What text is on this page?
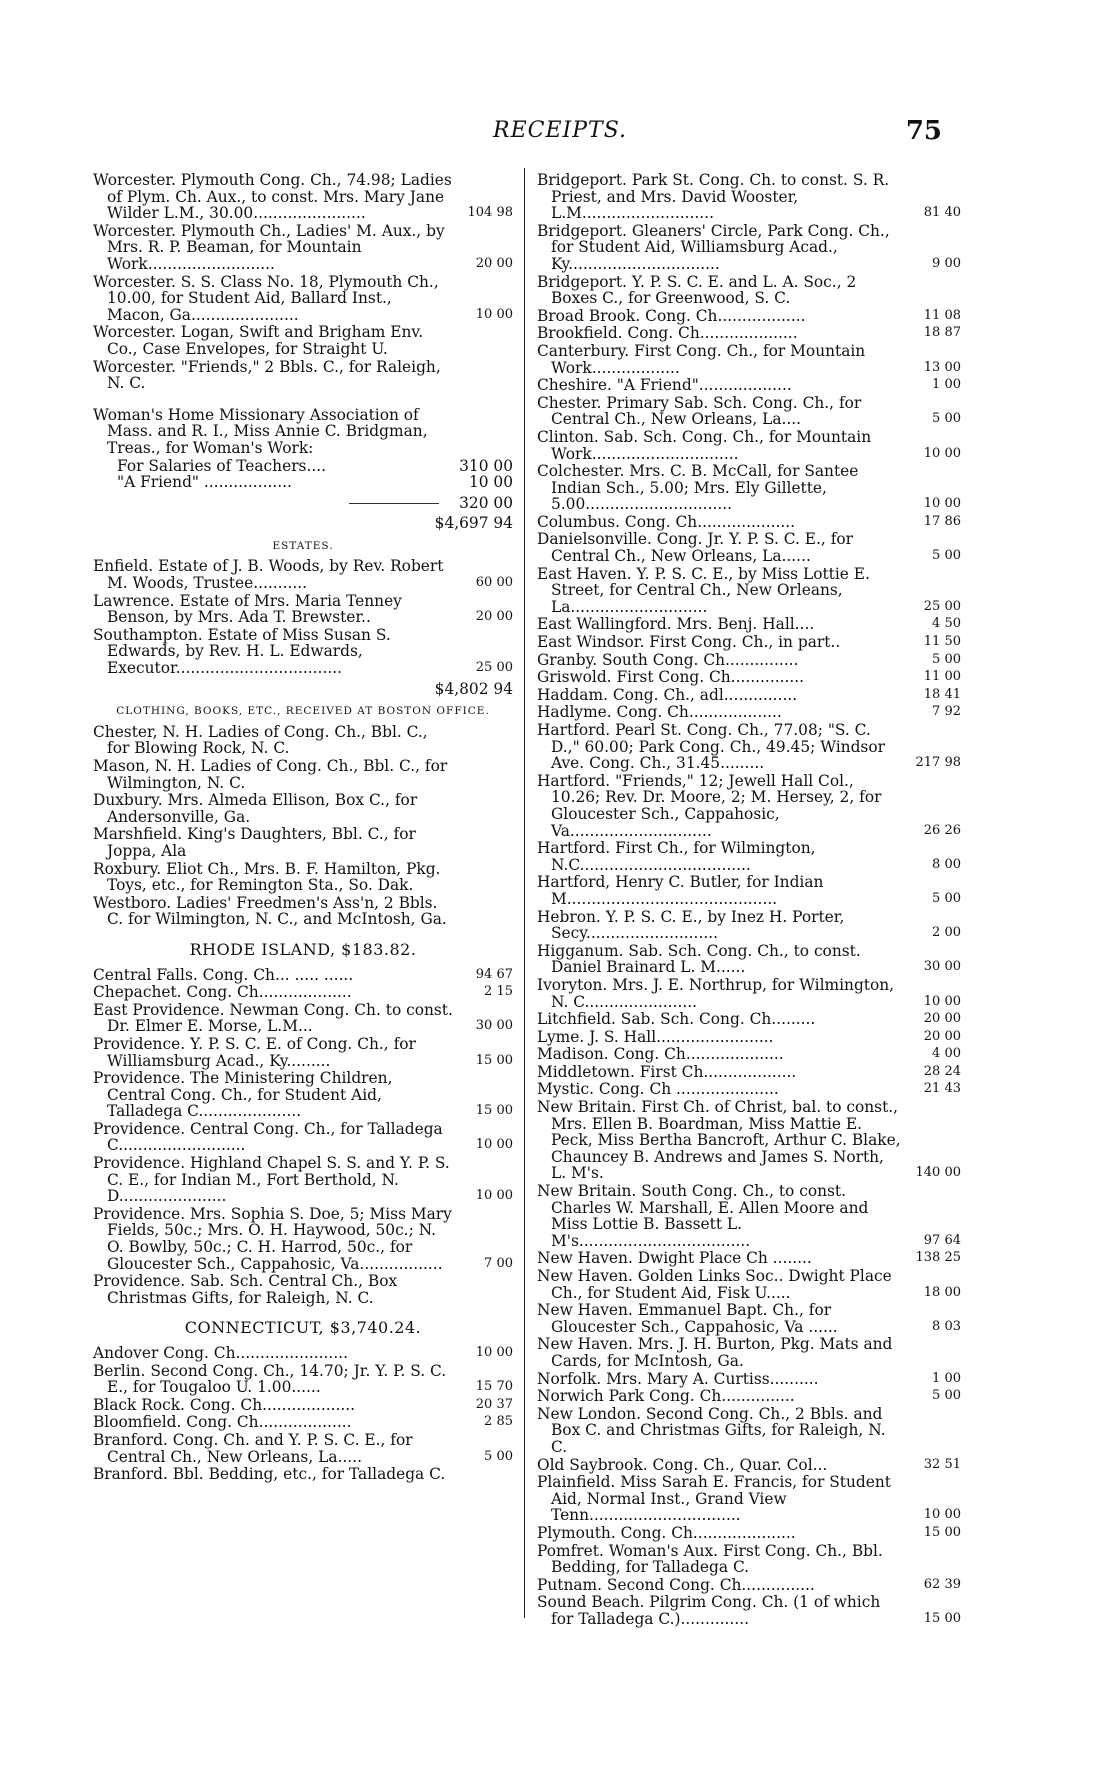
RECEIPTS.	75
Worcester. Plymouth Cong. Ch., 74.98; Ladies of Plym. Ch. Aux., to const. Mrs. Mary Jane Wilder L.M., 30.00.......................	104 98
Worcester. Plymouth Ch., Ladies' M. Aux., by Mrs. R. P. Beaman, for Mountain Work..........................	20 00
Worcester. S. S. Class No. 18, Plymouth Ch., 10.00, for Student Aid, Ballard Inst., Macon, Ga......................	10 00
Worcester. Logan, Swift and Brigham Env. Co., Case Envelopes, for Straight U.
Worcester. "Friends," 2 Bbls. C., for Raleigh, N. C.
Woman's Home Missionary Association of Mass. and R. I., Miss Annie C. Bridgman, Treas., for Woman's Work:
For Salaries of Teachers....	310 00
"A Friend" ..................	10 00
320 00
$4,697 94
ESTATES.
Enfield. Estate of J. B. Woods, by Rev. Robert M. Woods, Trustee...........	60 00
Lawrence. Estate of Mrs. Maria Tenney Benson, by Mrs. Ada T. Brewster..	20 00
Southampton. Estate of Miss Susan S. Edwards, by Rev. H. L. Edwards, Executor..................................	25 00
$4,802 94
CLOTHING, BOOKS, ETC., RECEIVED AT BOSTON OFFICE.
Chester, N. H. Ladies of Cong. Ch., Bbl. C., for Blowing Rock, N. C.
Mason, N. H. Ladies of Cong. Ch., Bbl. C., for Wilmington, N. C.
Duxbury. Mrs. Almeda Ellison, Box C., for Andersonville, Ga.
Marshfield. King's Daughters, Bbl. C., for Joppa, Ala
Roxbury. Eliot Ch., Mrs. B. F. Hamilton, Pkg. Toys, etc., for Remington Sta., So. Dak.
Westboro. Ladies' Freedmen's Ass'n, 2 Bbls. C. for Wilmington, N. C., and McIntosh, Ga.
RHODE ISLAND, $183.82.
Central Falls. Cong. Ch... ..... ......	94 67
Chepachet. Cong. Ch...................	2 15
East Providence. Newman Cong. Ch. to const. Dr. Elmer E. Morse, L.M...	30 00
Providence. Y. P. S. C. E. of Cong. Ch., for Williamsburg Acad., Ky.........	15 00
Providence. The Ministering Children, Central Cong. Ch., for Student Aid, Talladega C.....................	15 00
Providence. Central Cong. Ch., for Talladega C..........................	10 00
Providence. Highland Chapel S. S. and Y. P. S. C. E., for Indian M., Fort Berthold, N. D......................	10 00
Providence. Mrs. Sophia S. Doe, 5; Miss Mary Fields, 50c.; Mrs. O. H. Haywood, 50c.; N. O. Bowlby, 50c.; C. H. Harrod, 50c., for Gloucester Sch., Cappahosic, Va.................	7 00
Providence. Sab. Sch. Central Ch., Box Christmas Gifts, for Raleigh, N. C.
CONNECTICUT, $3,740.24.
Andover Cong. Ch.......................	10 00
Berlin. Second Cong. Ch., 14.70; Jr. Y. P. S. C. E., for Tougaloo U. 1.00......	15 70
Black Rock. Cong. Ch...................	20 37
Bloomfield. Cong. Ch...................	2 85
Branford. Cong. Ch. and Y. P. S. C. E., for Central Ch., New Orleans, La.....	5 00
Branford. Bbl. Bedding, etc., for Talladega C.
Bridgeport. Park St. Cong. Ch. to const. S. R. Priest, and Mrs. David Wooster, L.M...........................	81 40
Bridgeport. Gleaners' Circle, Park Cong. Ch., for Student Aid, Williamsburg Acad., Ky...............................	9 00
Bridgeport. Y. P. S. C. E. and L. A. Soc., 2 Boxes C., for Greenwood, S. C.
Broad Brook. Cong. Ch..................	11 08
Brookfield. Cong. Ch....................	18 87
Canterbury. First Cong. Ch., for Mountain Work..................	13 00
Cheshire. "A Friend"...................	1 00
Chester. Primary Sab. Sch. Cong. Ch., for Central Ch., New Orleans, La....	5 00
Clinton. Sab. Sch. Cong. Ch., for Mountain Work..............................	10 00
Colchester. Mrs. C. B. McCall, for Santee Indian Sch., 5.00; Mrs. Ely Gillette, 5.00..............................	10 00
Columbus. Cong. Ch....................	17 86
Danielsonville. Cong. Jr. Y. P. S. C. E., for Central Ch., New Orleans, La......	5 00
East Haven. Y. P. S. C. E., by Miss Lottie E. Street, for Central Ch., New Orleans, La............................	25 00
East Wallingford. Mrs. Benj. Hall....	4 50
East Windsor. First Cong. Ch., in part..	11 50
Granby. South Cong. Ch...............	5 00
Griswold. First Cong. Ch...............	11 00
Haddam. Cong. Ch., adl...............	18 41
Hadlyme. Cong. Ch...................	7 92
Hartford. Pearl St. Cong. Ch., 77.08; "S. C. D.," 60.00; Park Cong. Ch., 49.45; Windsor Ave. Cong. Ch., 31.45.........	217 98
Hartford. "Friends," 12; Jewell Hall Col., 10.26; Rev. Dr. Moore, 2; M. Hersey, 2, for Gloucester Sch., Cappahosic, Va.............................	26 26
Hartford. First Ch., for Wilmington, N.C...................................	8 00
Hartford, Henry C. Butler, for Indian M...........................................	5 00
Hebron. Y. P. S. C. E., by Inez H. Porter, Secy...........................	2 00
Higganum. Sab. Sch. Cong. Ch., to const. Daniel Brainard L. M......	30 00
Ivoryton. Mrs. J. E. Northrup, for Wilmington, N. C.......................	10 00
Litchfield. Sab. Sch. Cong. Ch.........	20 00
Lyme. J. S. Hall........................	20 00
Madison. Cong. Ch....................	4 00
Middletown. First Ch...................	28 24
Mystic. Cong. Ch .....................	21 43
New Britain. First Ch. of Christ, bal. to const., Mrs. Ellen B. Boardman, Miss Mattie E. Peck, Miss Bertha Bancroft, Arthur C. Blake, Chauncey B. Andrews and James S. North, L. M's.	140 00
New Britain. South Cong. Ch., to const. Charles W. Marshall, E. Allen Moore and Miss Lottie B. Bassett L. M's...................................	97 64
New Haven. Dwight Place Ch ........	138 25
New Haven. Golden Links Soc.. Dwight Place Ch., for Student Aid, Fisk U.....	18 00
New Haven. Emmanuel Bapt. Ch., for Gloucester Sch., Cappahosic, Va ......	8 03
New Haven. Mrs. J. H. Burton, Pkg. Mats and Cards, for McIntosh, Ga.
Norfolk. Mrs. Mary A. Curtiss..........	1 00
Norwich Park Cong. Ch...............	5 00
New London. Second Cong. Ch., 2 Bbls. and Box C. and Christmas Gifts, for Raleigh, N. C.
Old Saybrook. Cong. Ch., Quar. Col...	32 51
Plainfield. Miss Sarah E. Francis, for Student Aid, Normal Inst., Grand View Tenn...............................	10 00
Plymouth. Cong. Ch.....................	15 00
Pomfret. Woman's Aux. First Cong. Ch., Bbl. Bedding, for Talladega C.
Putnam. Second Cong. Ch...............	62 39
Sound Beach. Pilgrim Cong. Ch. (1 of which for Talladega C.)..............	15 00
